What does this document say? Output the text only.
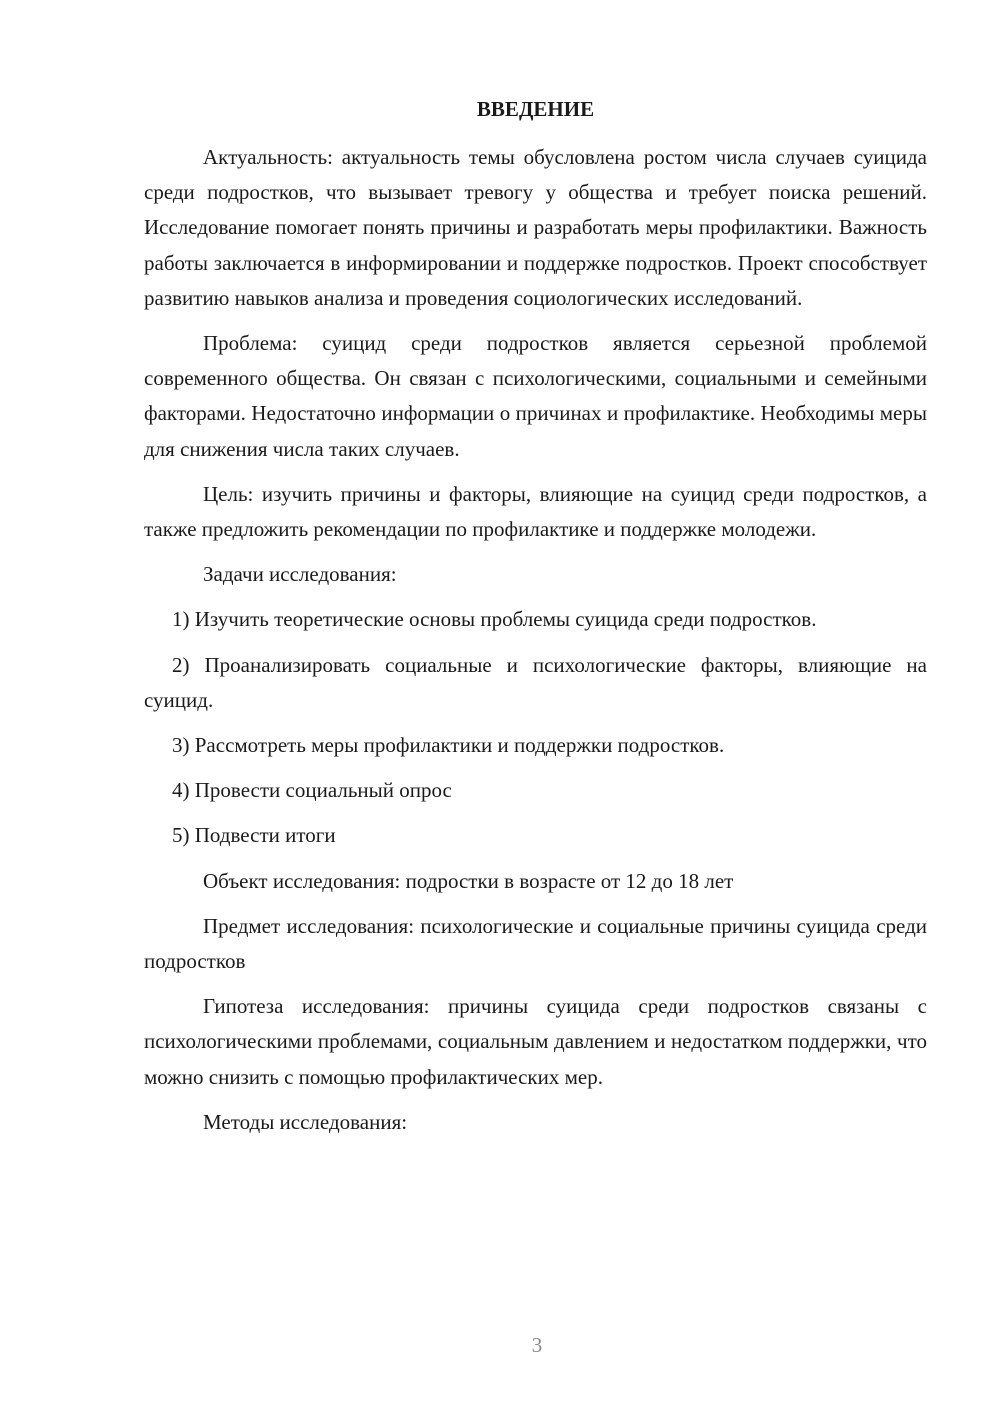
ВВЕДЕНИЕ

Актуальность: актуальность темы обусловлена ростом числа случаев суицида среди подростков, что вызывает тревогу у общества и требует поиска решений. Исследование помогает понять причины и разработать меры профилактики. Важность работы заключается в информировании и поддержке подростков. Проект способствует развитию навыков анализа и проведения социологических исследований.

Проблема: суицид среди подростков является серьезной проблемой современного общества. Он связан с психологическими, социальными и семейными факторами. Недостаточно информации о причинах и профилактике. Необходимы меры для снижения числа таких случаев.

Цель: изучить причины и факторы, влияющие на суицид среди подростков, а также предложить рекомендации по профилактике и поддержке молодежи.

Задачи исследования:

1) Изучить теоретические основы проблемы суицида среди подростков.

2) Проанализировать социальные и психологические факторы, влияющие на суицид.

3) Рассмотреть меры профилактики и поддержки подростков.

4) Провести социальный опрос

5) Подвести итоги

Объект исследования: подростки в возрасте от 12 до 18 лет

Предмет исследования: психологические и социальные причины суицида среди подростков

Гипотеза исследования: причины суицида среди подростков связаны с психологическими проблемами, социальным давлением и недостатком поддержки, что можно снизить с помощью профилактических мер.

Методы исследования:

3
